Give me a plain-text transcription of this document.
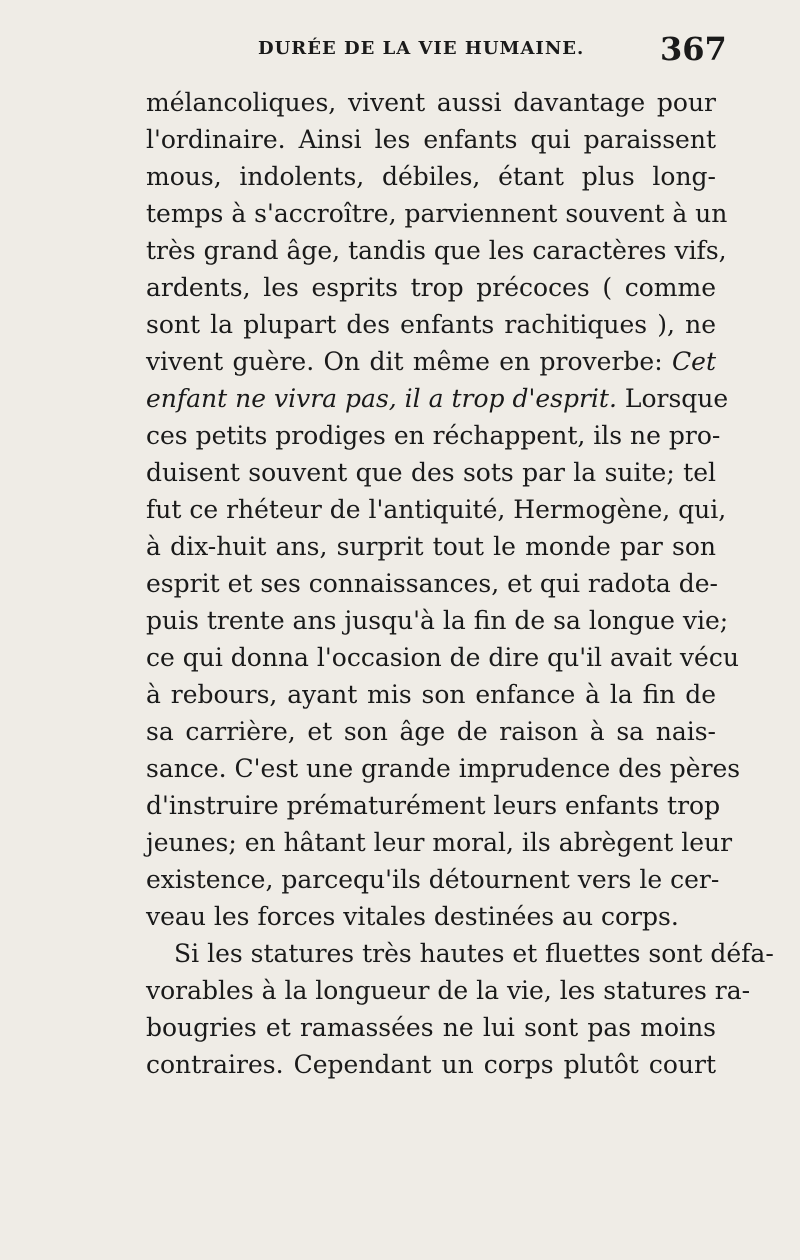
DURÉE DE LA VIE HUMAINE. 367
mélancoliques, vivent aussi davantage pour
l'ordinaire. Ainsi les enfants qui paraissent
mous, indolents, débiles, étant plus long-
temps à s'accroître, parviennent souvent à un
très grand âge, tandis que les caractères vifs,
ardents, les esprits trop précoces ( comme
sont la plupart des enfants rachitiques ), ne
vivent guère. On dit même en proverbe: Cet
enfant ne vivra pas, il a trop d'esprit. Lorsque
ces petits prodiges en réchappent, ils ne pro-
duisent souvent que des sots par la suite; tel
fut ce rhéteur de l'antiquité, Hermogène, qui,
à dix-huit ans, surprit tout le monde par son
esprit et ses connaissances, et qui radota de-
puis trente ans jusqu'à la fin de sa longue vie;
ce qui donna l'occasion de dire qu'il avait vécu
à rebours, ayant mis son enfance à la fin de
sa carrière, et son âge de raison à sa nais-
sance. C'est une grande imprudence des pères
d'instruire prématurément leurs enfants trop
jeunes; en hâtant leur moral, ils abrègent leur
existence, parcequ'ils détournent vers le cer-
veau les forces vitales destinées au corps.
Si les statures très hautes et fluettes sont défa-
vorables à la longueur de la vie, les statures ra-
bougries et ramassées ne lui sont pas moins
contraires. Cependant un corps plutôt court
